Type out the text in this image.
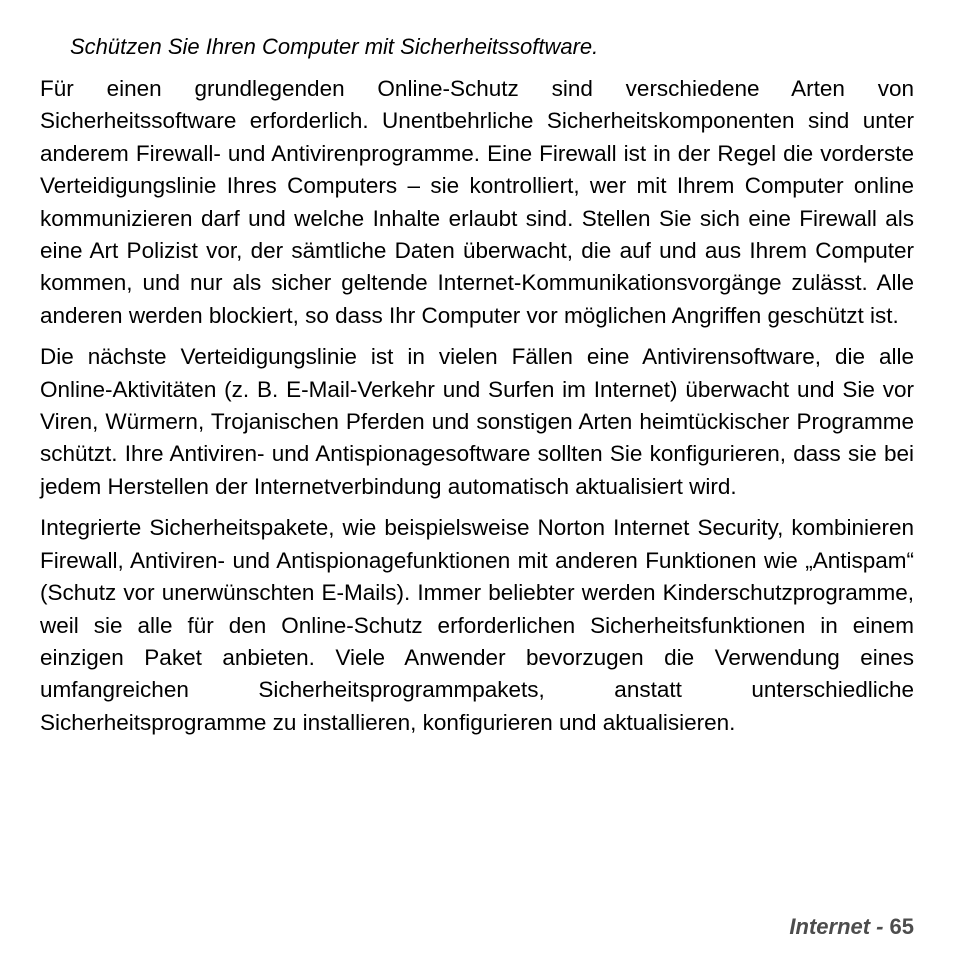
Schützen Sie Ihren Computer mit Sicherheitssoftware.

Für einen grundlegenden Online-Schutz sind verschiedene Arten von Sicherheitssoftware erforderlich. Unentbehrliche Sicherheitskomponenten sind unter anderem Firewall- und Antivirenprogramme. Eine Firewall ist in der Regel die vorderste Verteidigungslinie Ihres Computers – sie kontrolliert, wer mit Ihrem Computer online kommunizieren darf und welche Inhalte erlaubt sind. Stellen Sie sich eine Firewall als eine Art Polizist vor, der sämtliche Daten überwacht, die auf und aus Ihrem Computer kommen, und nur als sicher geltende Internet-Kommunikationsvorgänge zulässt. Alle anderen werden blockiert, so dass Ihr Computer vor möglichen Angriffen geschützt ist.

Die nächste Verteidigungslinie ist in vielen Fällen eine Antivirensoftware, die alle Online-Aktivitäten (z. B. E-Mail-Verkehr und Surfen im Internet) überwacht und Sie vor Viren, Würmern, Trojanischen Pferden und sonstigen Arten heimtückischer Programme schützt. Ihre Antiviren- und Antispionagesoftware sollten Sie konfigurieren, dass sie bei jedem Herstellen der Internetverbindung automatisch aktualisiert wird.

Integrierte Sicherheitspakete, wie beispielsweise Norton Internet Security, kombinieren Firewall, Antiviren- und Antispionagefunktionen mit anderen Funktionen wie „Antispam“ (Schutz vor unerwünschten E-Mails). Immer beliebter werden Kinderschutzprogramme, weil sie alle für den Online-Schutz erforderlichen Sicherheitsfunktionen in einem einzigen Paket anbieten. Viele Anwender bevorzugen die Verwendung eines umfangreichen Sicherheitsprogrammpakets, anstatt unterschiedliche Sicherheitsprogramme zu installieren, konfigurieren und aktualisieren.

Internet - 65
